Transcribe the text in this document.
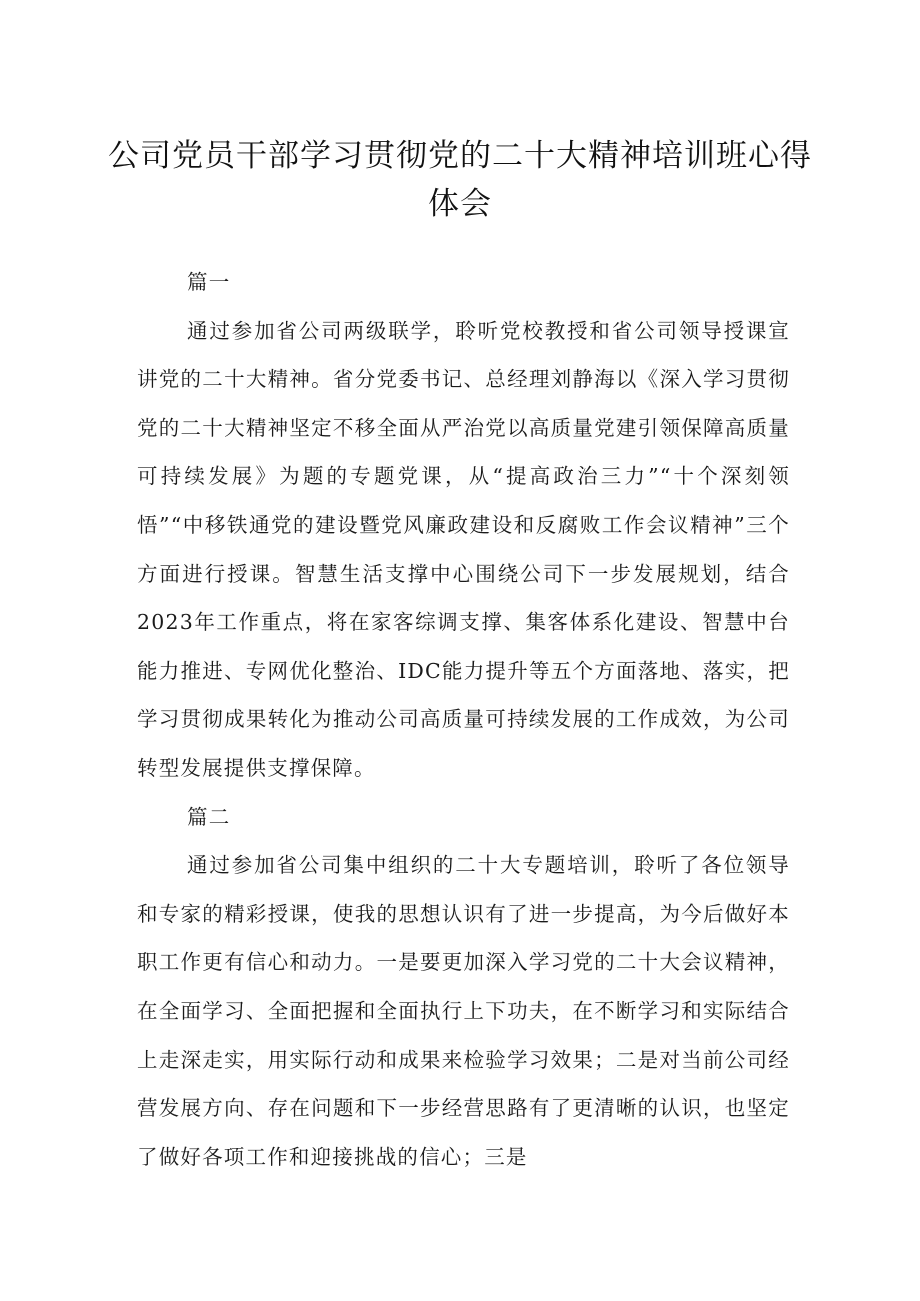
公司党员干部学习贯彻党的二十大精神培训班心得体会

篇一

通过参加省公司两级联学，聆听党校教授和省公司领导授课宣讲党的二十大精神。省分党委书记、总经理刘静海以《深入学习贯彻党的二十大精神坚定不移全面从严治党以高质量党建引领保障高质量可持续发展》为题的专题党课，从“提高政治三力”“十个深刻领悟”“中移铁通党的建设暨党风廉政建设和反腐败工作会议精神”三个方面进行授课。智慧生活支撑中心围绕公司下一步发展规划，结合2023年工作重点，将在家客综调支撑、集客体系化建设、智慧中台能力推进、专网优化整治、IDC能力提升等五个方面落地、落实，把学习贯彻成果转化为推动公司高质量可持续发展的工作成效，为公司转型发展提供支撑保障。

篇二

通过参加省公司集中组织的二十大专题培训，聆听了各位领导和专家的精彩授课，使我的思想认识有了进一步提高，为今后做好本职工作更有信心和动力。一是要更加深入学习党的二十大会议精神，在全面学习、全面把握和全面执行上下功夫，在不断学习和实际结合上走深走实，用实际行动和成果来检验学习效果；二是对当前公司经营发展方向、存在问题和下一步经营思路有了更清晰的认识，也坚定了做好各项工作和迎接挑战的信心；三是
